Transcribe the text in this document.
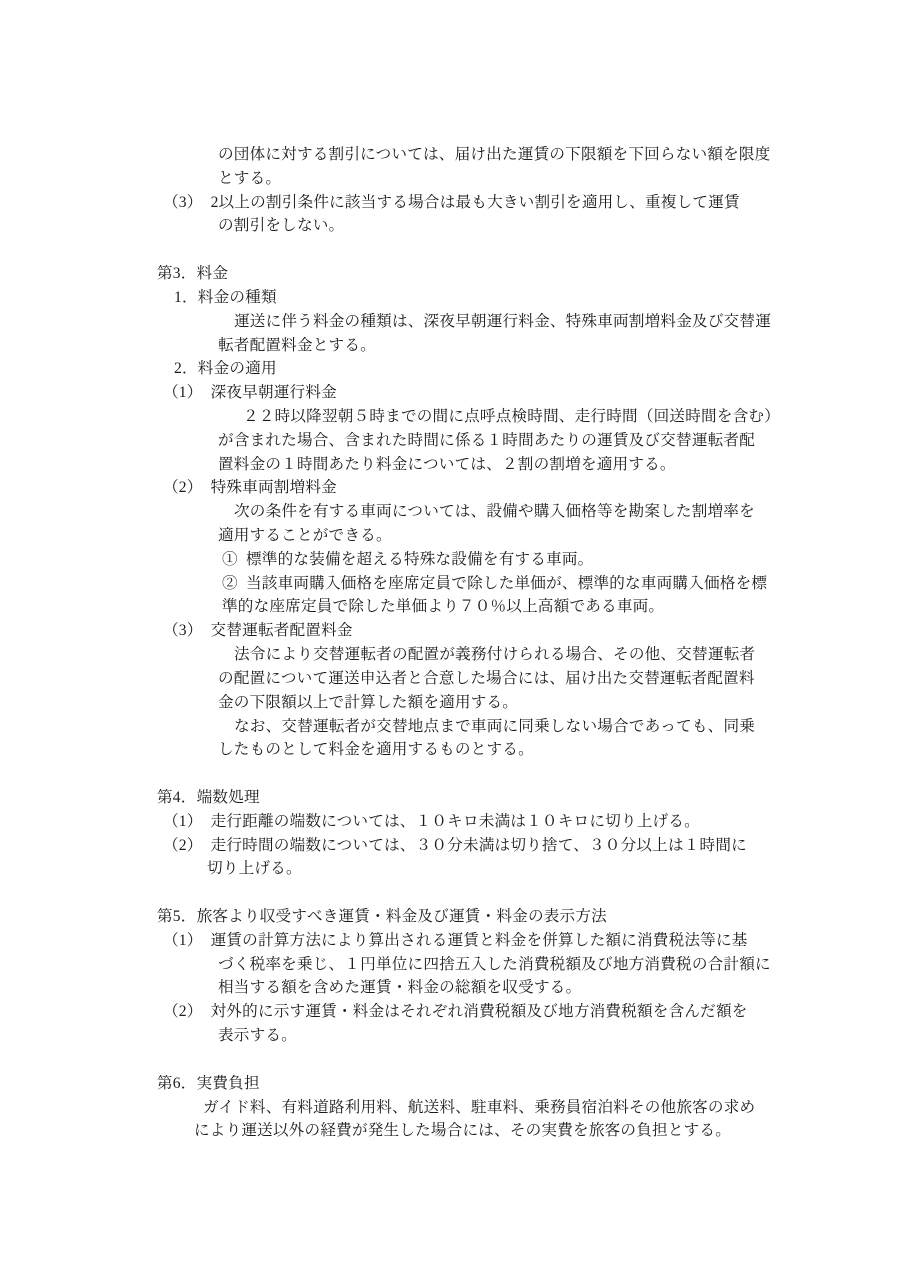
の団体に対する割引については、届け出た運賃の下限額を下回らない額を限度
とする。
（3）　2以上の割引条件に該当する場合は最も大きい割引を適用し、重複して運賃
の割引をしない。
第3．料金
1．料金の種類
運送に伴う料金の種類は、深夜早朝運行料金、特殊車両割増料金及び交替運
転者配置料金とする。
2．料金の適用
（1）　深夜早朝運行料金
２２時以降翌朝５時までの間に点呼点検時間、走行時間（回送時間を含む）
が含まれた場合、含まれた時間に係る１時間あたりの運賃及び交替運転者配
置料金の１時間あたり料金については、２割の割増を適用する。
（2）　特殊車両割増料金
次の条件を有する車両については、設備や購入価格等を勘案した割増率を
適用することができる。
①  標準的な装備を超える特殊な設備を有する車両。
②  当該車両購入価格を座席定員で除した単価が、標準的な車両購入価格を標
準的な座席定員で除した単価より７０％以上高額である車両。
（3）　交替運転者配置料金
法令により交替運転者の配置が義務付けられる場合、その他、交替運転者
の配置について運送申込者と合意した場合には、届け出た交替運転者配置料
金の下限額以上で計算した額を適用する。
なお、交替運転者が交替地点まで車両に同乗しない場合であっても、同乗
したものとして料金を適用するものとする。
第4．端数処理
（1）　走行距離の端数については、１０キロ未満は１０キロに切り上げる。
（2）　走行時間の端数については、３０分未満は切り捨て、３０分以上は１時間に
切り上げる。
第5．旅客より収受すべき運賃・料金及び運賃・料金の表示方法
（1）　運賃の計算方法により算出される運賃と料金を併算した額に消費税法等に基
づく税率を乗じ、１円単位に四捨五入した消費税額及び地方消費税の合計額に
相当する額を含めた運賃・料金の総額を収受する。
（2）　対外的に示す運賃・料金はそれぞれ消費税額及び地方消費税額を含んだ額を
表示する。
第6．実費負担
ガイド料、有料道路利用料、航送料、駐車料、乗務員宿泊料その他旅客の求め
により運送以外の経費が発生した場合には、その実費を旅客の負担とする。
